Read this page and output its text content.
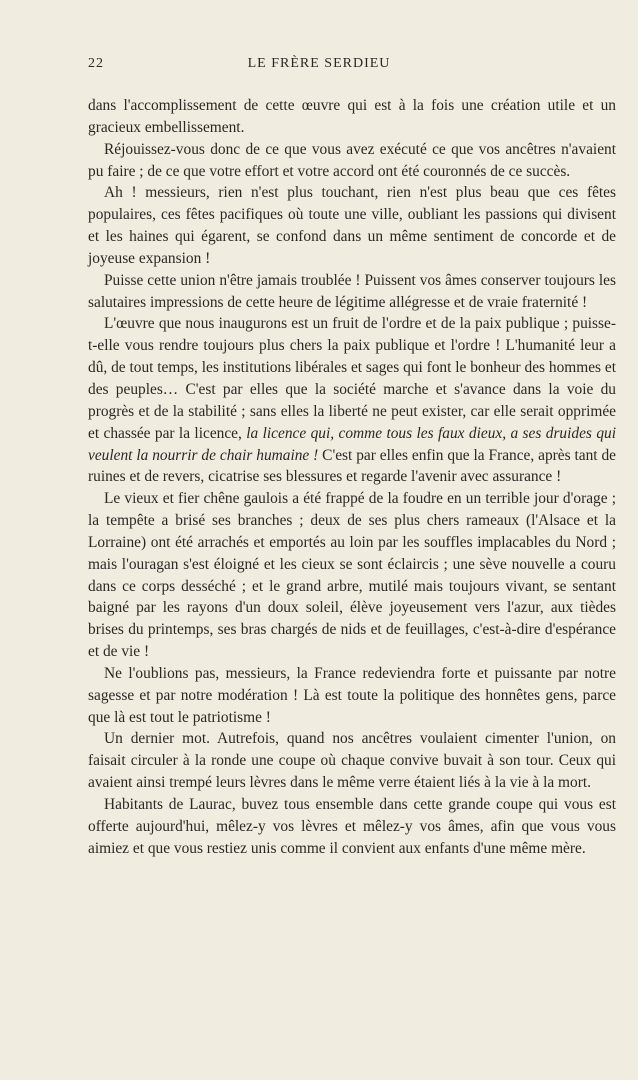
22	LE FRÈRE SERDIEU

dans l'accomplissement de cette œuvre qui est à la fois une création utile et un gracieux embellissement.

Réjouissez-vous donc de ce que vous avez exécuté ce que vos ancêtres n'avaient pu faire ; de ce que votre effort et votre accord ont été couronnés de ce succès.

Ah ! messieurs, rien n'est plus touchant, rien n'est plus beau que ces fêtes populaires, ces fêtes pacifiques où toute une ville, oubliant les passions qui divisent et les haines qui égarent, se confond dans un même sentiment de concorde et de joyeuse expansion !

Puisse cette union n'être jamais troublée ! Puissent vos âmes conserver toujours les salutaires impressions de cette heure de légitime allégresse et de vraie fraternité !

L'œuvre que nous inaugurons est un fruit de l'ordre et de la paix publique ; puisse-t-elle vous rendre toujours plus chers la paix publique et l'ordre ! L'humanité leur a dû, de tout temps, les institutions libérales et sages qui font le bonheur des hommes et des peuples… C'est par elles que la société marche et s'avance dans la voie du progrès et de la stabilité ; sans elles la liberté ne peut exister, car elle serait opprimée et chassée par la licence, la licence qui, comme tous les faux dieux, a ses druides qui veulent la nourrir de chair humaine ! C'est par elles enfin que la France, après tant de ruines et de revers, cicatrise ses blessures et regarde l'avenir avec assurance !

Le vieux et fier chêne gaulois a été frappé de la foudre en un terrible jour d'orage ; la tempête a brisé ses branches ; deux de ses plus chers rameaux (l'Alsace et la Lorraine) ont été arrachés et emportés au loin par les souffles implacables du Nord ; mais l'ouragan s'est éloigné et les cieux se sont éclaircis ; une sève nouvelle a couru dans ce corps desséché ; et le grand arbre, mutilé mais toujours vivant, se sentant baigné par les rayons d'un doux soleil, élève joyeusement vers l'azur, aux tièdes brises du printemps, ses bras chargés de nids et de feuillages, c'est-à-dire d'espérance et de vie !

Ne l'oublions pas, messieurs, la France redeviendra forte et puissante par notre sagesse et par notre modération ! Là est toute la politique des honnêtes gens, parce que là est tout le patriotisme !

Un dernier mot. Autrefois, quand nos ancêtres voulaient cimenter l'union, on faisait circuler à la ronde une coupe où chaque convive buvait à son tour. Ceux qui avaient ainsi trempé leurs lèvres dans le même verre étaient liés à la vie à la mort.

Habitants de Laurac, buvez tous ensemble dans cette grande coupe qui vous est offerte aujourd'hui, mêlez-y vos lèvres et mêlez-y vos âmes, afin que vous vous aimiez et que vous restiez unis comme il convient aux enfants d'une même mère.
